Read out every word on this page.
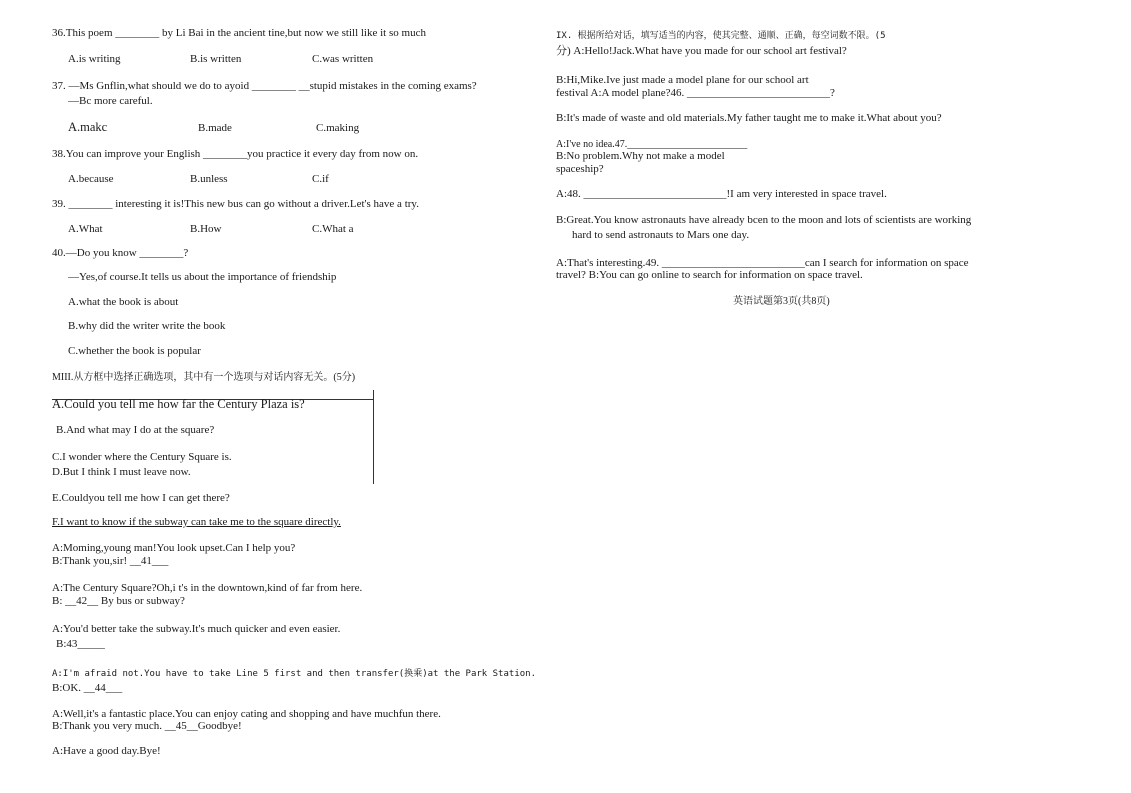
36.This poem ________ by Li Bai in the ancient tine,but now we still like it so much
A.is writing	B.is written	C.was written
37. —Ms Gnflin,what should we do to ayoid ________ __stupid mistakes in the coming exams?
—Bc more careful.
A.makc	B.made	C.making
38.You can improve your English ________you practice it every day from now on.
A.because	B.unless	C.if
39. ________ interesting it is!This new bus can go without a driver.Let's have a try.
A.What	B.How	C.What a
40.—Do you know ________?
—Yes,of course.It tells us about the importance of friendship
A.what the book is about
B.why did the writer write the book
C.whether the book is popular
MIII.从方框中选择正确选项，其中有一个选项与对话内容无关。(5分)
A.Could you tell me how far the Century Plaza is?
B.And what may I do at the square?
C.I wonder where the Century Square is.
D.But I think I must leave now.
E.Couldyou tell me how I can get there?
F.I want to know if the subway can take me to the square directly.
A:Moming,young man!You look upset.Can I help you?
B:Thank you,sir! __41___
A:The Century Square?Oh,i t's in the downtown,kind of far from here.
B: __42__ By bus or subway?
A:You'd better take the subway.It's much quicker and even easier.
B:43_____
A:I'm afraid not.You have to take Line 5 first and then transfer(换乘)at the Park Station.
B:OK. __44___
A:Well,it's a fantastic place.You can enjoy cating and shopping and have muchfun there.
B:Thank you very much. __45__Goodbye!
A:Have a good day.Bye!
IX. 根据所给对话，填写适当的内容，使其完整、通顺、正确，每空词数不限。(5
分) A:Hello!Jack.What have you made for our school art festival?
B:Hi,Mike.Ive just made a model plane for our school art
festival A:A model plane?46. __________________________?
B:It's made of waste and old materials.My father taught me to make it.What about you?
A:I've no idea.47.________________________
B:No problem.Why not make a model
spaceship?
A:48. __________________________!I am very interested in space travel.
B:Great.You know astronauts have already bcen to the moon and lots of scientists are working
hard to send astronauts to Mars one day.
A:That's interesting.49. __________________________can I search for information on space
travel? B:You can go online to search for information on space travel.
英语试题第3页(共8页)
